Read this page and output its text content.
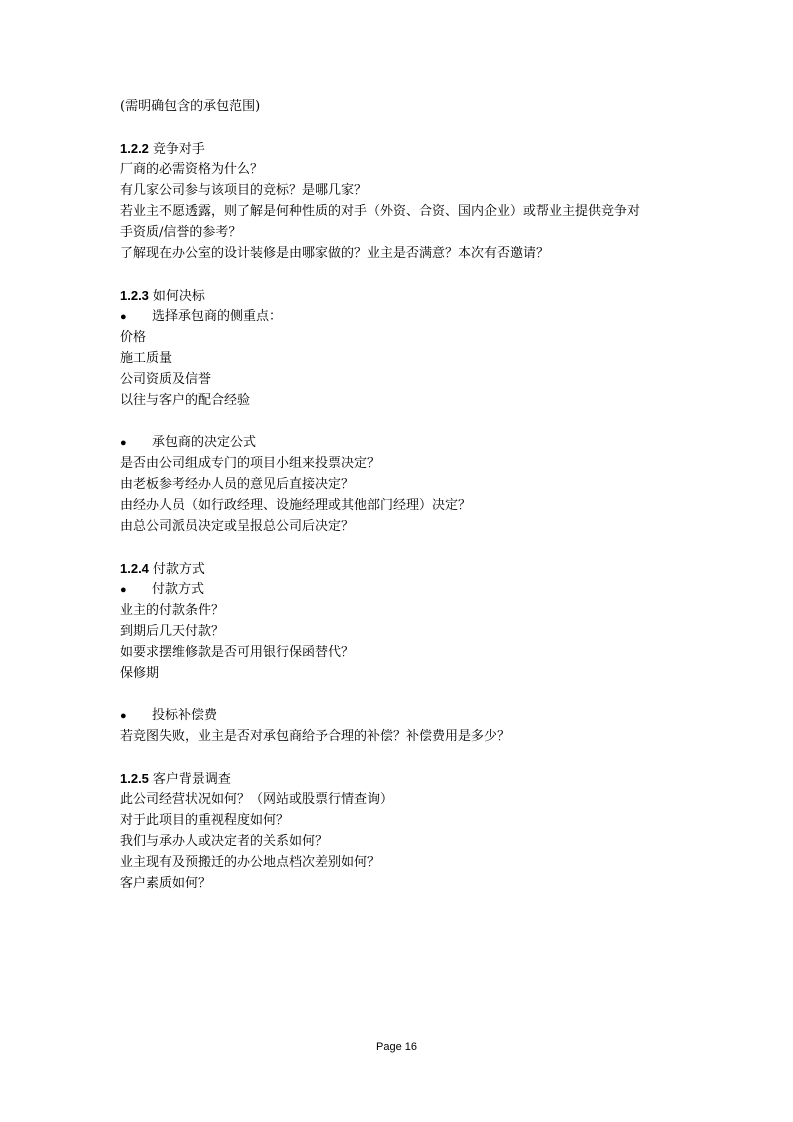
(需明确包含的承包范围)
1.2.2 竞争对手
厂商的必需资格为什么？
有几家公司参与该项目的竞标？是哪几家？
若业主不愿透露，则了解是何种性质的对手（外资、合资、国内企业）或帮业主提供竞争对
手资质/信誉的参考？
了解现在办公室的设计装修是由哪家做的？业主是否满意？本次有否邀请？
1.2.3 如何决标
● 选择承包商的侧重点：
价格
施工质量
公司资质及信誉
以往与客户的配合经验
● 承包商的决定公式
是否由公司组成专门的项目小组来投票决定？
由老板参考经办人员的意见后直接决定？
由经办人员（如行政经理、设施经理或其他部门经理）决定？
由总公司派员决定或呈报总公司后决定？
1.2.4 付款方式
● 付款方式
业主的付款条件？
到期后几天付款？
如要求摆维修款是否可用银行保函替代？
保修期
● 投标补偿费
若竞图失败，业主是否对承包商给予合理的补偿？补偿费用是多少？
1.2.5 客户背景调查
此公司经营状况如何？（网站或股票行情查询）
对于此项目的重视程度如何？
我们与承办人或决定者的关系如何？
业主现有及预搬迁的办公地点档次差别如何？
客户素质如何？
Page 16
